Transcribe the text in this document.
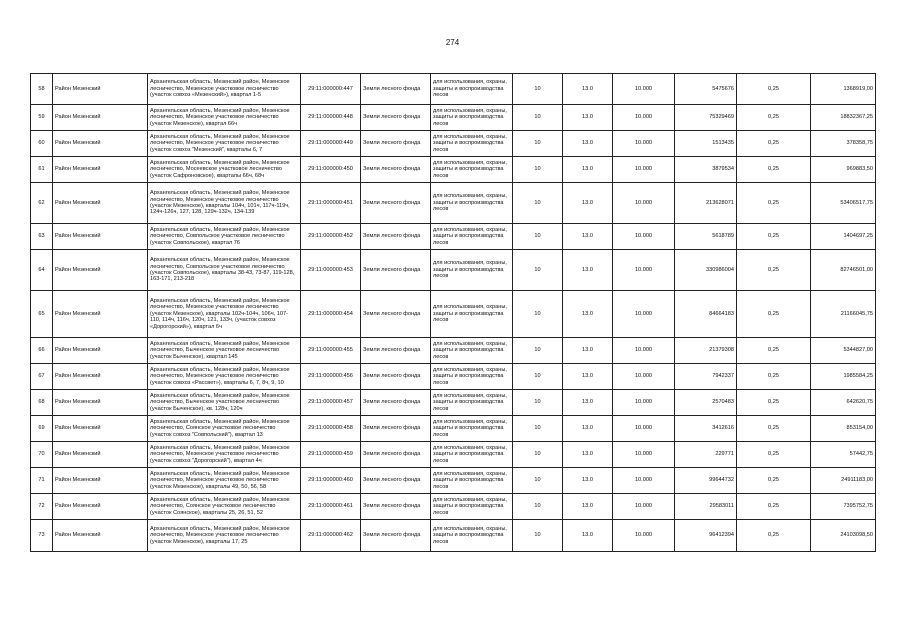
274
58	Район Мезенский	Архангельская область, Мезенский район, Мезенское лесничество, Мезенское участковое лесничество (участок совхоз «Мезенский»), квартал 1-5	29:11:000000:447	Земли лесного фонда	для использования, охраны, защиты и воспроизводства лесов	10	13.0	10.000	5475676	0,25	1368919,00
59	Район Мезенский	Архангельская область, Мезенский район, Мезенское лесничество, Мезенское участковое лесничество (участок Мезенское), квартал 66ч	29:11:000000:448	Земли лесного фонда	для использования, охраны, защиты и воспроизводства лесов	10	13.0	10.000	75329469	0,25	18832367,25
60	Район Мезенский	Архангельская область, Мезенский район, Мезенское лесничество, Мезенское участковое лесничество (участок совхоз "Мезенский", кварталы 6, 7	29:11:000000:449	Земли лесного фонда	для использования, охраны, защиты и воспроизводства лесов	10	13.0	10.000	1513435	0,25	378358,75
61	Район Мезенский	Архангельская область, Мезенский район, Мезенское лесничество, Мосеевское участковое лесничество (участок Сафроновское), кварталы 66ч, 68ч	29:11:000000:450	Земли лесного фонда	для использования, охраны, защиты и воспроизводства лесов	10	13.0	10.000	3879534	0,25	969883,50
62	Район Мезенский	Архангельская область, Мезенский район, Мезенское лесничество, Мезенское участковое лесничество (участок Мезенское), кварталы 104ч, 101ч, 117ч-119ч, 124ч-126ч, 127, 128, 129ч-132ч, 134-139	29:11:000000:451	Земли лесного фонда	для использования, охраны, защиты и воспроизводства лесов	10	13.0	10.000	213628071	0,25	53406517,75
63	Район Мезенский	Архангельская область, Мезенский район, Мезенское лесничество, Совпольское участковое лесничество (участок Совпольское), квартал 76	29:11:000000:452	Земли лесного фонда	для использования, охраны, защиты и воспроизводства лесов	10	13.0	10.000	5618789	0,25	1404697,25
64	Район Мезенский	Архангельская область, Мезенский район, Мезенское лесничество, Совпольское участковое лесничество (участок Совпольское), кварталы 38-43, 73-87, 119-128, 163-171, 213-218	29:11:000000:453	Земли лесного фонда	для использования, охраны, защиты и воспроизводства лесов	10	13.0	10.000	330986004	0,25	82746501,00
65	Район Мезенский	Архангельская область, Мезенский район, Мезенское лесничество, Мезенское участковое лесничество (участок Мезенское), кварталы 102ч-104ч, 106ч, 107-110, 114ч, 116ч, 120ч, 121, 133ч, (участок совхоз «Дорогорский»), квартал 6ч	29:11:000000:454	Земли лесного фонда	для использования, охраны, защиты и воспроизводства лесов	10	13.0	10.000	84664183	0,25	21166045,75
66	Район Мезенский	Архангельская область, Мезенский район, Мезенское лесничество, Быченское участковое лесничество (участок Быченское), квартал 145	29:11:000000:455	Земли лесного фонда	для использования, охраны, защиты и воспроизводства лесов	10	13.0	10.000	21379308	0,25	5344827,00
67	Район Мезенский	Архангельская область, Мезенский район, Мезенское лесничество, Мезенское участковое лесничество (участок совхоз «Рассвет»), кварталы 6, 7, 8ч, 9, 10	29:11:000000:456	Земли лесного фонда	для использования, охраны, защиты и воспроизводства лесов	10	13.0	10.000	7942337	0,25	1985584,25
68	Район Мезенский	Архангельская область, Мезенский район, Мезенское лесничество, Быченское участковое лесничество (участок Быченское), кв. 128ч, 120ч	29:11:000000:457	Земли лесного фонда	для использования, охраны, защиты и воспроизводства лесов	10	13.0	10.000	2570483	0,25	642620,75
69	Район Мезенский	Архангельская область, Мезенский район, Мезенское лесничество, Соянское участковое лесничество (участок совхоз "Совпольский"), квартал 13	29:11:000000:458	Земли лесного фонда	для использования, охраны, защиты и воспроизводства лесов	10	13.0	10.000	3412616	0,25	853154,00
70	Район Мезенский	Архангельская область, Мезенский район, Мезенское лесничество, Мезенское участковое лесничество (участок совхоз "Дорогорский"), квартал 4ч	29:11:000000:459	Земли лесного фонда	для использования, охраны, защиты и воспроизводства лесов	10	13.0	10.000	229771	0,25	57442,75
71	Район Мезенский	Архангельская область, Мезенский район, Мезенское лесничество, Мезенское участковое лесничество (участок Мезенское), кварталы 49, 50, 56, 58	29:11:000000:460	Земли лесного фонда	для использования, охраны, защиты и воспроизводства лесов	10	13.0	10.000	99644732	0,25	24911183,00
72	Район Мезенский	Архангельская область, Мезенский район, Мезенское лесничество, Соянское участковое лесничество (участок Соянское), кварталы 25, 26, 51, 52	29:11:000000:461	Земли лесного фонда	для использования, охраны, защиты и воспроизводства лесов	10	13.0	10.000	29583011	0,25	7395752,75
73	Район Мезенский	Архангельская область, Мезенский район, Мезенское лесничество, Мезенское участковое лесничество (участок Мезенское), кварталы 17, 25	29:11:000000:462	Земли лесного фонда	для использования, охраны, защиты и воспроизводства лесов	10	13.0	10.000	96412394	0,25	24103098,50
